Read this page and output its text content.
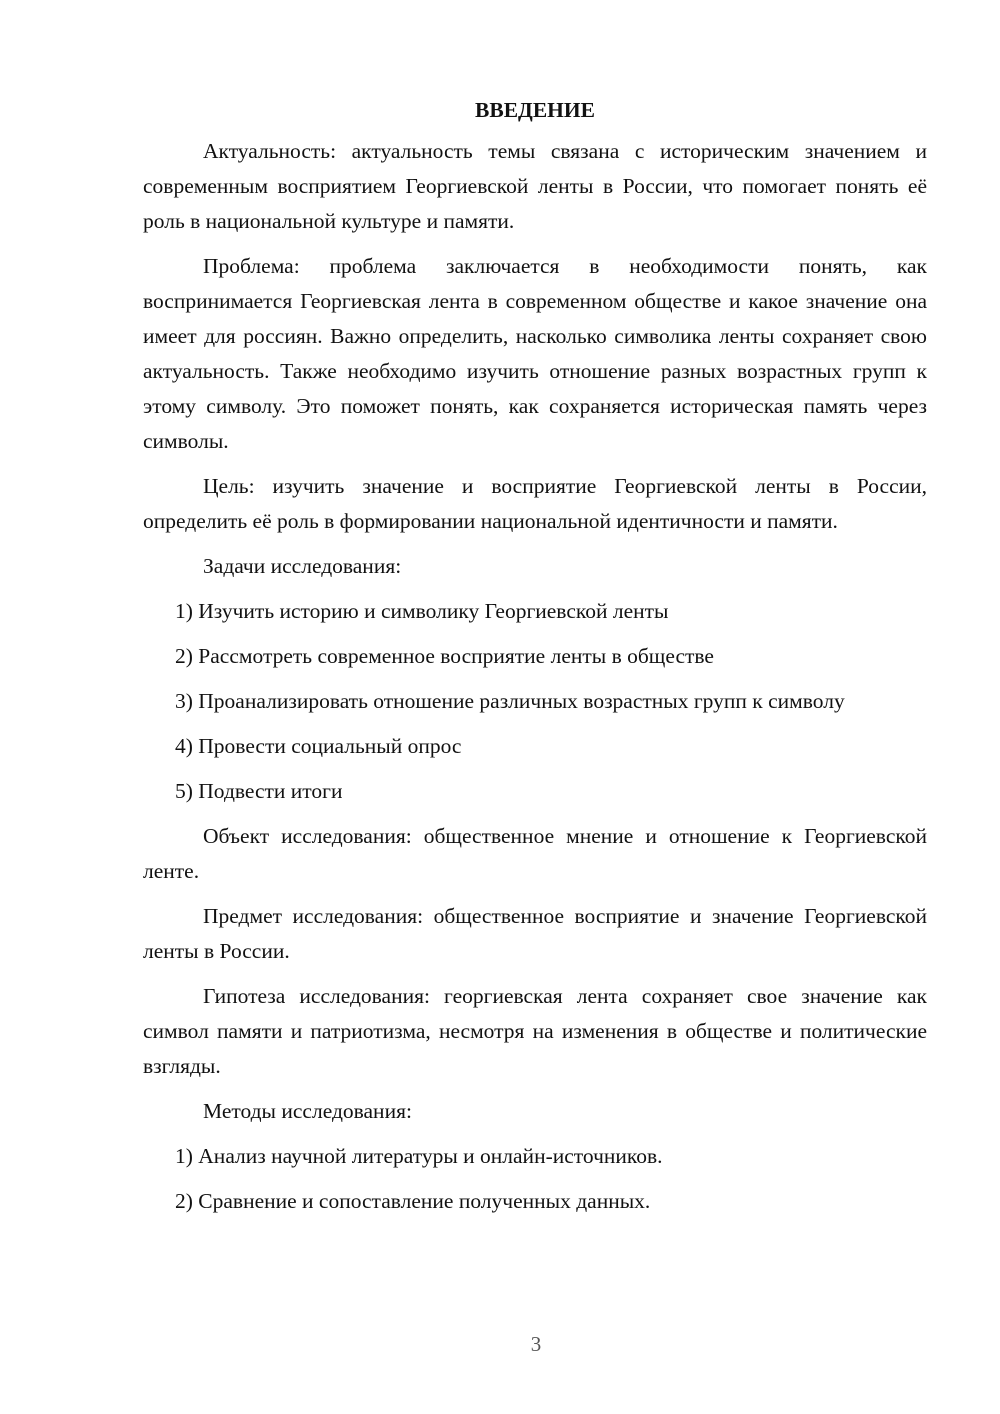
ВВЕДЕНИЕ

Актуальность: актуальность темы связана с историческим значением и современным восприятием Георгиевской ленты в России, что помогает понять её роль в национальной культуре и памяти.

Проблема: проблема заключается в необходимости понять, как воспринимается Георгиевская лента в современном обществе и какое значение она имеет для россиян. Важно определить, насколько символика ленты сохраняет свою актуальность. Также необходимо изучить отношение разных возрастных групп к этому символу. Это поможет понять, как сохраняется историческая память через символы.

Цель: изучить значение и восприятие Георгиевской ленты в России, определить её роль в формировании национальной идентичности и памяти.

Задачи исследования:

1) Изучить историю и символику Георгиевской ленты

2) Рассмотреть современное восприятие ленты в обществе

3) Проанализировать отношение различных возрастных групп к символу

4) Провести социальный опрос

5) Подвести итоги

Объект исследования: общественное мнение и отношение к Георгиевской ленте.

Предмет исследования: общественное восприятие и значение Георгиевской ленты в России.

Гипотеза исследования: георгиевская лента сохраняет свое значение как символ памяти и патриотизма, несмотря на изменения в обществе и политические взгляды.

Методы исследования:

1) Анализ научной литературы и онлайн-источников.

2) Сравнение и сопоставление полученных данных.

3
